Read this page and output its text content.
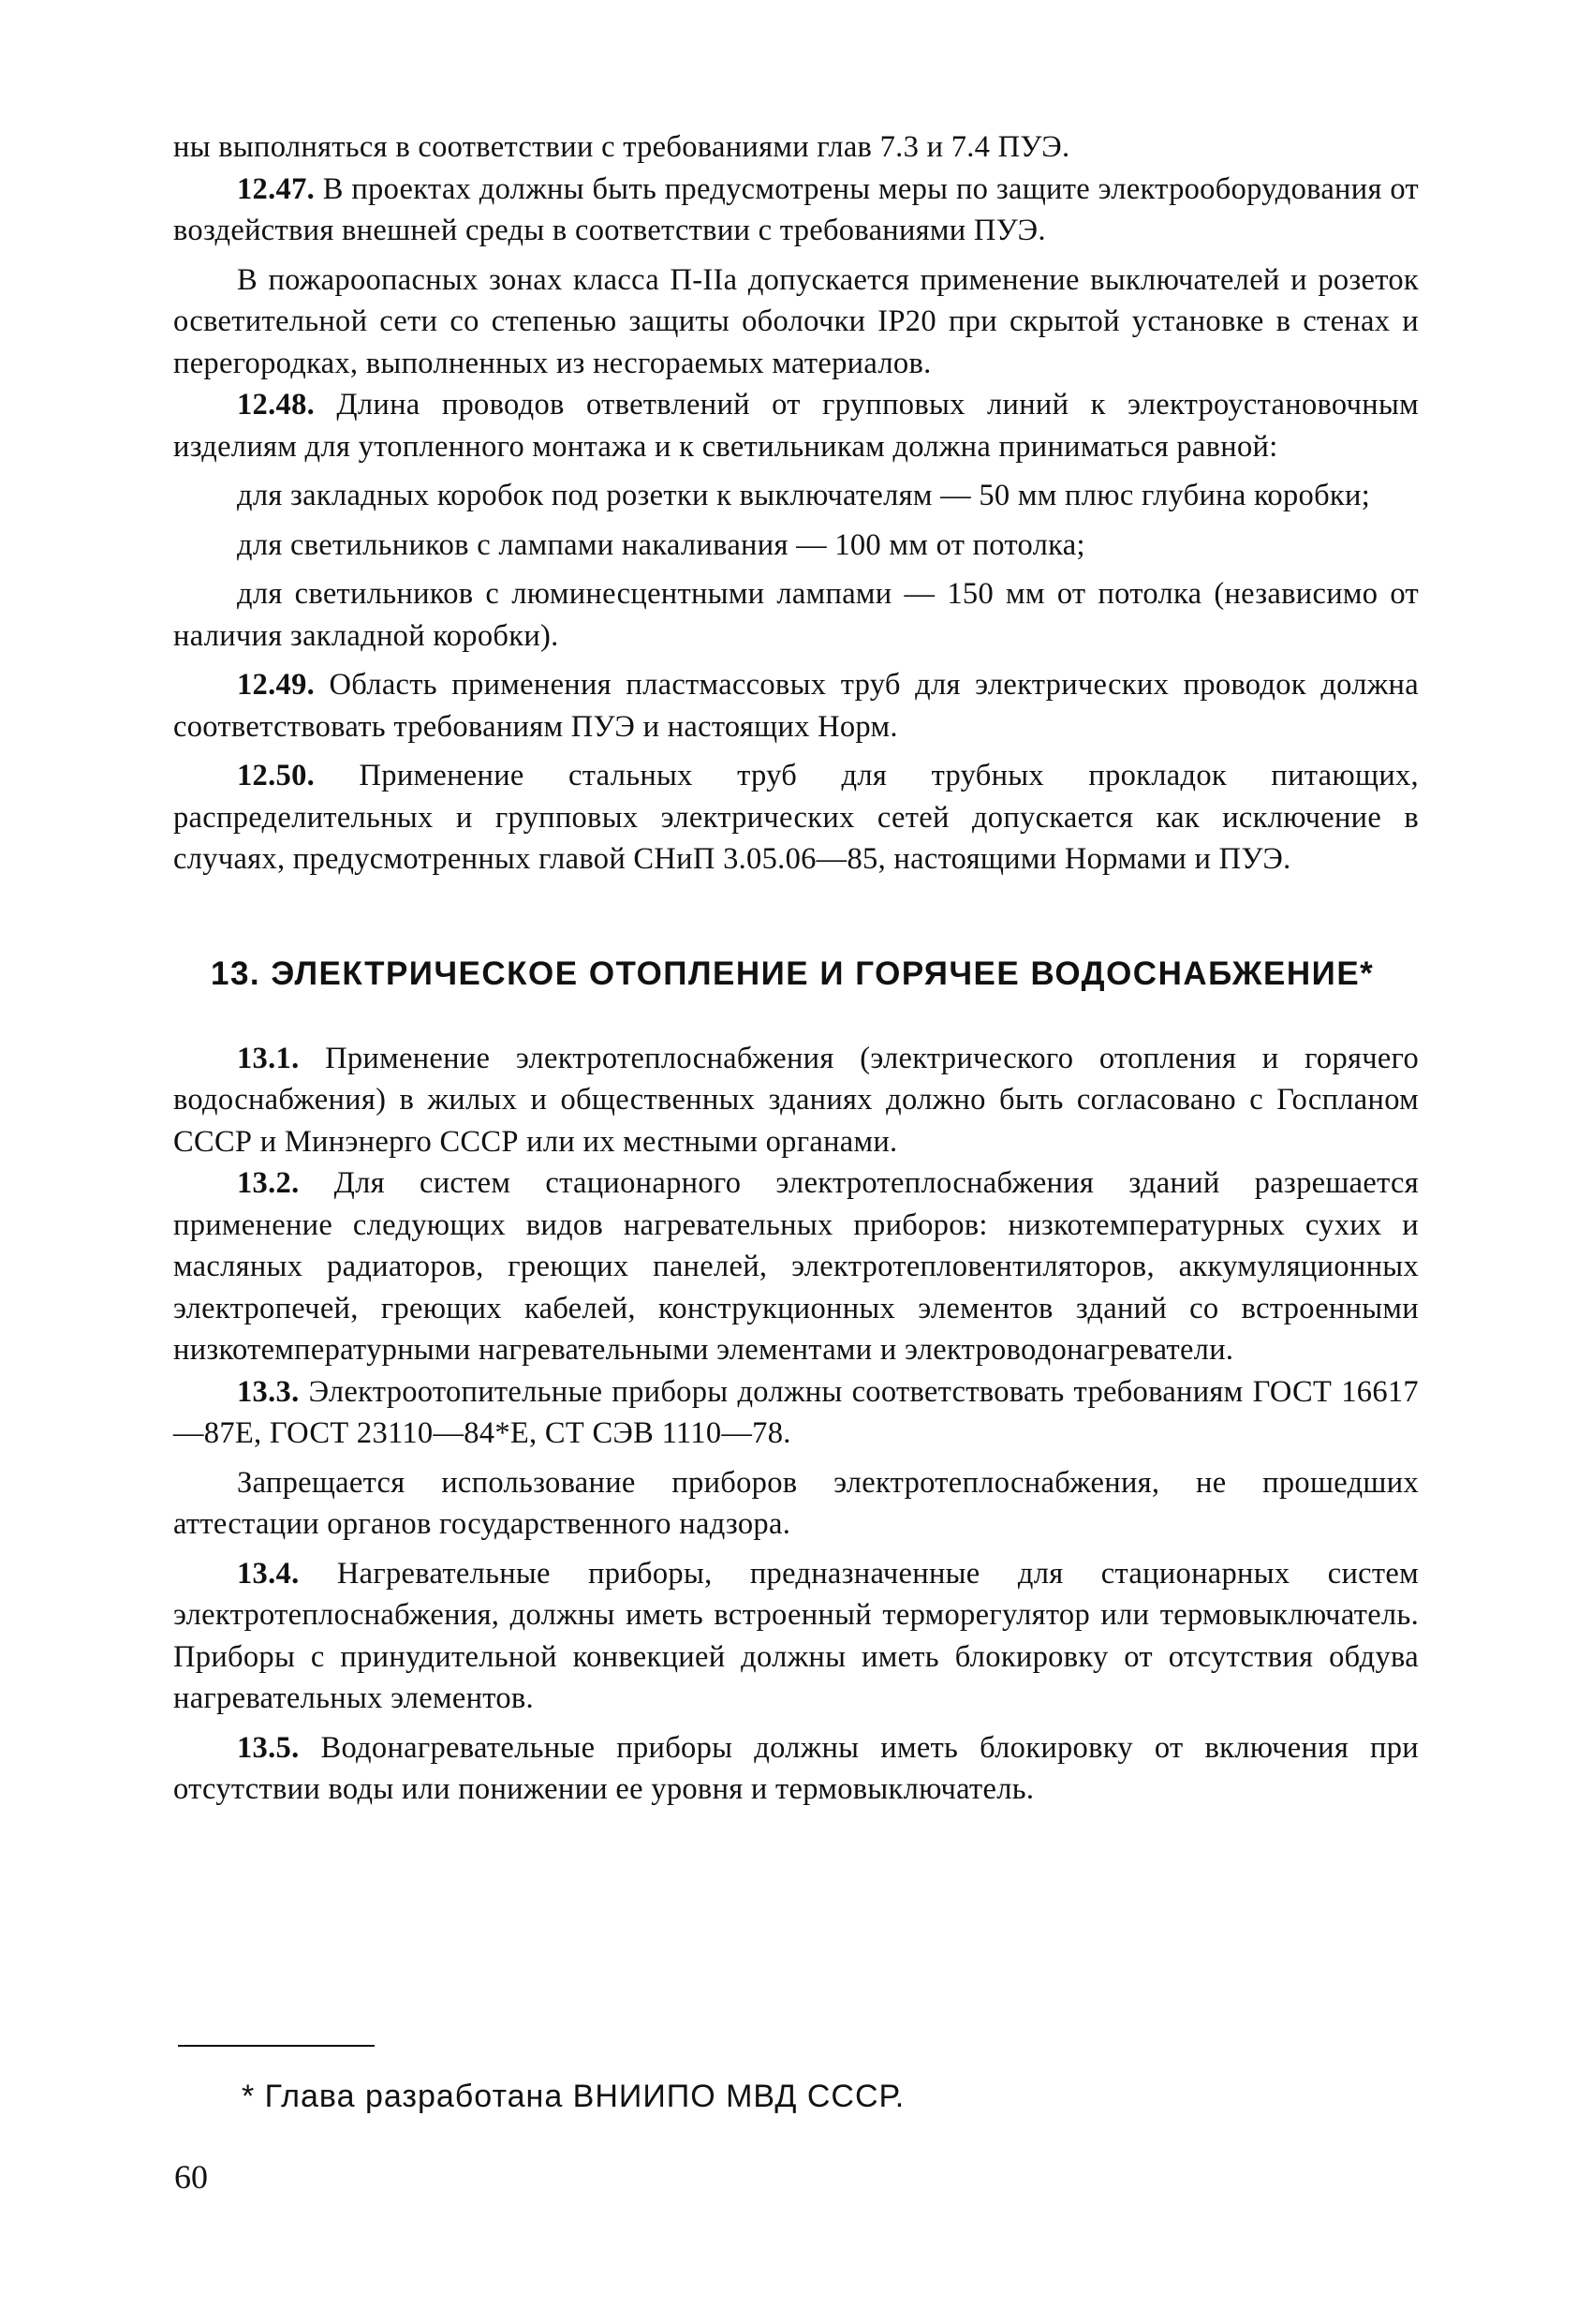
ны выполняться в соответствии с требованиями глав 7.3 и 7.4 ПУЭ.

12.47. В проектах должны быть предусмотрены меры по защите электрооборудования от воздействия внешней среды в соответствии с требованиями ПУЭ.

В пожароопасных зонах класса П-IIа допускается применение выключателей и розеток осветительной сети со степенью защиты оболочки IP20 при скрытой установке в стенах и перегородках, выполненных из несгораемых материалов.

12.48. Длина проводов ответвлений от групповых линий к электроустановочным изделиям для утопленного монтажа и к светильникам должна приниматься равной:

для закладных коробок под розетки к выключателям — 50 мм плюс глубина коробки;

для светильников с лампами накаливания — 100 мм от потолка;

для светильников с люминесцентными лампами — 150 мм от потолка (независимо от наличия закладной коробки).

12.49. Область применения пластмассовых труб для электрических проводок должна соответствовать требованиям ПУЭ и настоящих Норм.

12.50. Применение стальных труб для трубных прокладок питающих, распределительных и групповых электрических сетей допускается как исключение в случаях, предусмотренных главой СНиП 3.05.06—85, настоящими Нормами и ПУЭ.

13. ЭЛЕКТРИЧЕСКОЕ ОТОПЛЕНИЕ И ГОРЯЧЕЕ ВОДОСНАБЖЕНИЕ*

13.1. Применение электротеплоснабжения (электрического отопления и горячего водоснабжения) в жилых и общественных зданиях должно быть согласовано с Госпланом СССР и Минэнерго СССР или их местными органами.

13.2. Для систем стационарного электротеплоснабжения зданий разрешается применение следующих видов нагревательных приборов: низкотемпературных сухих и масляных радиаторов, греющих панелей, электротепловентиляторов, аккумуляционных электропечей, греющих кабелей, конструкционных элементов зданий со встроенными низкотемпературными нагревательными элементами и электроводонагреватели.

13.3. Электроотопительные приборы должны соответствовать требованиям ГОСТ 16617—87Е, ГОСТ 23110—84*Е, СТ СЭВ 1110—78.

Запрещается использование приборов электротеплоснабжения, не прошедших аттестации органов государственного надзора.

13.4. Нагревательные приборы, предназначенные для стационарных систем электротеплоснабжения, должны иметь встроенный терморегулятор или термовыключатель. Приборы с принудительной конвекцией должны иметь блокировку от отсутствия обдува нагревательных элементов.

13.5. Водонагревательные приборы должны иметь блокировку от включения при отсутствии воды или понижении ее уровня и термовыключатель.

* Глава разработана ВНИИПО МВД СССР.
60
